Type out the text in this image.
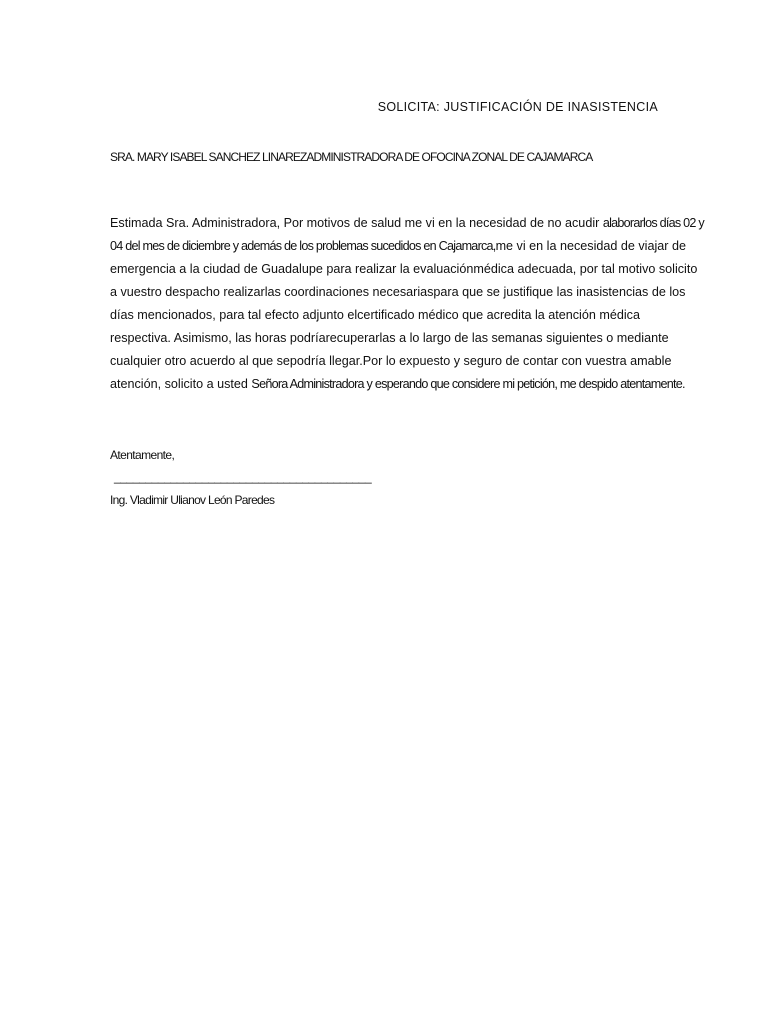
SOLICITA: JUSTIFICACIÓN DE INASISTENCIA
SRA. MARY ISABEL SANCHEZ LINAREZADMINISTRADORA DE OFOCINA ZONAL DE CAJAMARCA
Estimada Sra. Administradora, Por motivos de salud me vi en la necesidad de no acudir alaborarlos días 02 y
04 del mes de diciembre y además de los problemas sucedidos en Cajamarca,me vi en la necesidad de viajar de
emergencia a la ciudad de Guadalupe para realizar la evaluaciónmédica adecuada, por tal motivo solicito
a vuestro despacho realizarlas coordinaciones necesariaspara que se justifique las inasistencias de los
días mencionados, para tal efecto adjunto elcertificado médico que acredita la atención médica
respectiva. Asimismo, las horas podríarecuperarlas a lo largo de las semanas siguientes o mediante
cualquier otro acuerdo al que sepodría llegar.Por lo expuesto y seguro de contar con vuestra amable
atención, solicito a usted Señora Administradora y esperando que considere mi petición, me despido atentamente.
Atentamente,
_________________________________________
Ing. Vladimir Ulianov León Paredes
